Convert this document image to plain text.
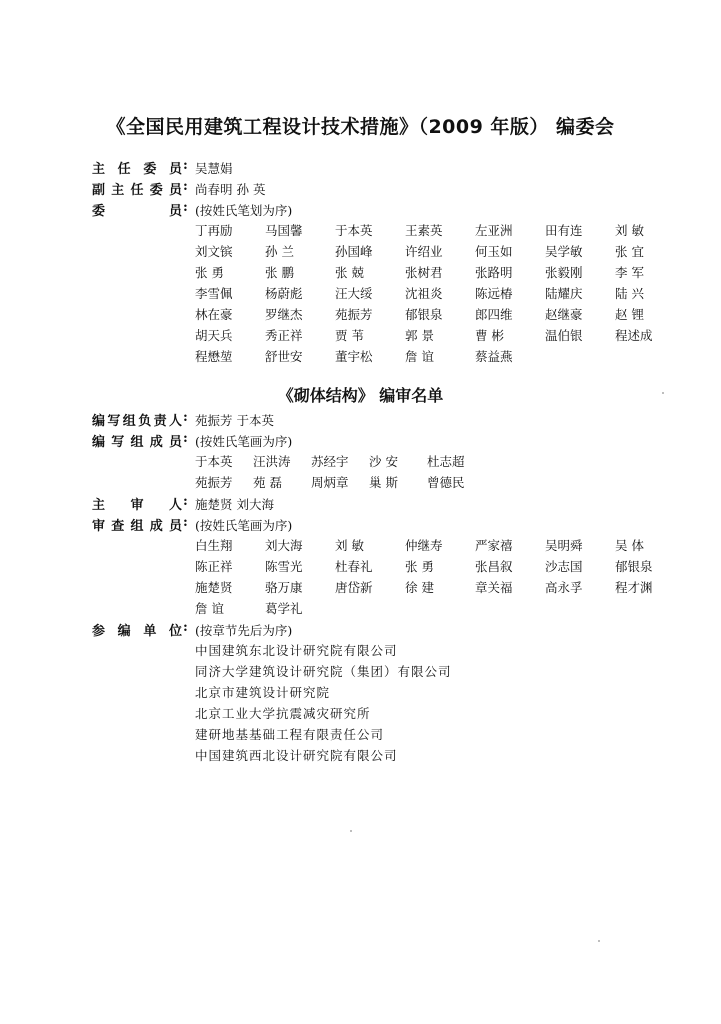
《全国民用建筑工程设计技术措施》（2009 年版） 编委会
主任委员 : 吴慧娟
副主任委员 : 尚春明 孙 英
委员 : (按姓氏笔划为序)
丁再励	马国馨	于本英	王素英	左亚洲	田有连	刘 敏
刘文镔	孙 兰	孙国峰	许绍业	何玉如	吴学敏	张 宜
张 勇	张 鹏	张 兢	张树君	张路明	张毅刚	李 军
李雪佩	杨蔚彪	汪大绥	沈祖炎	陈远椿	陆耀庆	陆 兴
林在豪	罗继杰	苑振芳	郁银泉	郎四维	赵继豪	赵 锂
胡天兵	秀正祥	贾 苇	郭 景	曹 彬	温伯银	程述成
程懋堃	舒世安	董宇松	詹 谊	蔡益燕
《砌体结构》 编审名单
编写组负责人 : 苑振芳 于本英
编写组成员 : (按姓氏笔画为序)
于本英 汪洪涛 苏经宇 沙 安 杜志超
苑振芳 苑 磊 周炳章 巢 斯 曾德民
主审人 : 施楚贤 刘大海
审查组成员 : (按姓氏笔画为序)
白生翔	刘大海	刘 敏	仲继寿	严家禧	吴明舜	吴 体
陈正祥	陈雪光	杜春礼	张 勇	张昌叙	沙志国	郁银泉
施楚贤	骆万康	唐岱新	徐 建	章关福	高永孚	程才渊
詹 谊	葛学礼
参编单位 : (按章节先后为序)
中国建筑东北设计研究院有限公司
同济大学建筑设计研究院（集团）有限公司
北京市建筑设计研究院
北京工业大学抗震减灾研究所
建研地基基础工程有限责任公司
中国建筑西北设计研究院有限公司
